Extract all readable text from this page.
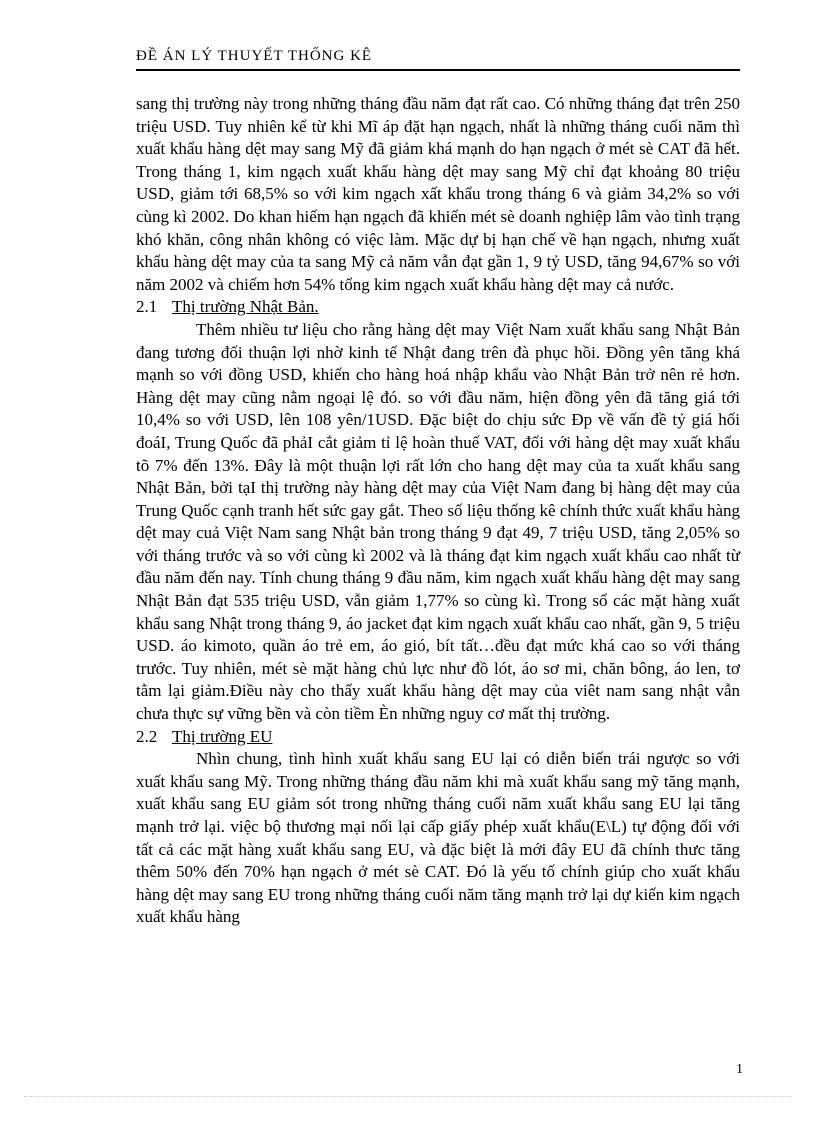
ĐỀ ÁN LÝ THUYẾT THỐNG KÊ

sang thị trường này trong những tháng đầu năm đạt rất cao. Có những tháng đạt trên 250 triệu USD. Tuy nhiên kể từ khi Mĩ áp đặt hạn ngạch, nhất là những tháng cuối năm thì xuất khẩu hàng dệt may sang Mỹ đã giảm khá mạnh do hạn ngạch ở mét sè CAT đã hết. Trong tháng 1, kim ngạch xuất khẩu hàng dệt may sang Mỹ chỉ đạt khoảng 80 triệu USD, giảm tới 68,5% so với kim ngạch xất khẩu trong tháng 6 và giảm 34,2% so với cùng kì 2002. Do khan hiếm hạn ngạch đã khiến mét sè doanh nghiệp lâm vào tình trạng khó khăn, công nhân không có việc làm. Mặc dự bị hạn chế về hạn ngạch, nhưng xuất khẩu hàng dệt may của ta sang Mỹ cả năm vẫn đạt gần 1, 9 tỷ USD, tăng 94,67% so với năm 2002 và chiếm hơn 54% tổng kim ngạch xuất khẩu hàng dệt may cả nước.

2.1 Thị trường Nhật Bản.

Thêm nhiều tư liệu cho rằng hàng dệt may Việt Nam xuất khẩu sang Nhật Bản đang tương đối thuận lợi nhờ kinh tế Nhật đang trên đà phục hồi. Đồng yên tăng khá mạnh so với đồng USD, khiến cho hàng hoá nhập khẩu vào Nhật Bản trở nên rẻ hơn. Hàng dệt may cũng nằm ngoại lệ đó. so với đầu năm, hiện đồng yên đã tăng giá tới 10,4% so với USD, lên 108 yên/1USD. Đặc biệt do chịu sức Ðp về vấn đề tỷ giá hối đoáI, Trung Quốc đã phảI cắt giảm tỉ lệ hoàn thuế VAT, đối với hàng dệt may xuất khẩu tõ 7% đến 13%. Đây là một thuận lợi rất lớn cho hang dệt may của ta xuất khẩu sang Nhật Bản, bởi tạI thị trường này hàng dệt may của Việt Nam đang bị hàng dệt may của Trung Quốc cạnh tranh hết sức gay gắt. Theo số liệu thống kê chính thức xuất khẩu hàng dệt may cuả Việt Nam sang Nhật bản trong tháng 9 đạt 49, 7 triệu USD, tăng 2,05% so với tháng trước và so với cùng kì 2002 và là tháng đạt kim ngạch xuất khẩu cao nhất từ đầu năm đến nay. Tính chung tháng 9 đầu năm, kim ngạch xuất khẩu hàng dệt may sang Nhật Bản đạt 535 triệu USD, vẫn giảm 1,77% so cùng kì. Trong số các mặt hàng xuất khẩu sang Nhật trong tháng 9, áo jacket đạt kim ngạch xuất khẩu cao nhất, gần 9, 5 triệu USD. áo kimoto, quần áo trẻ em, áo gió, bít tất…đều đạt mức khá cao so với tháng trước. Tuy nhiên, mét sè mặt hàng chủ lực như đồ lót, áo sơ mi, chăn bông, áo len, tơ tằm lại giảm.Điều này cho thấy xuất khẩu hàng dệt may của viêt nam sang nhật vẫn chưa thực sự vững bền và còn tiềm Èn những nguy cơ mất thị trường.

2.2 Thị trường EU

Nhìn chung, tình hình xuất khẩu sang EU lại có diễn biến trái ngược so với xuất khẩu sang Mỹ. Trong những tháng đầu năm khi mà xuất khẩu sang mỹ tăng mạnh, xuất khẩu sang EU giảm sót trong những tháng cuối năm xuất khẩu sang EU lại tăng mạnh trở lại. việc bộ thương mại nối lại cấp giấy phép xuất khẩu(E\L) tự động đối với tất cả các mặt hàng xuất khẩu sang EU, và đặc biệt là mới đây EU đã chính thưc tăng thêm 50% đến 70% hạn ngạch ở mét sè CAT. Đó là yếu tố chính giúp cho xuất khẩu hàng dệt may sang EU trong những tháng cuối năm tăng mạnh trở lại dự kiến kim ngạch xuất khẩu hàng

1
